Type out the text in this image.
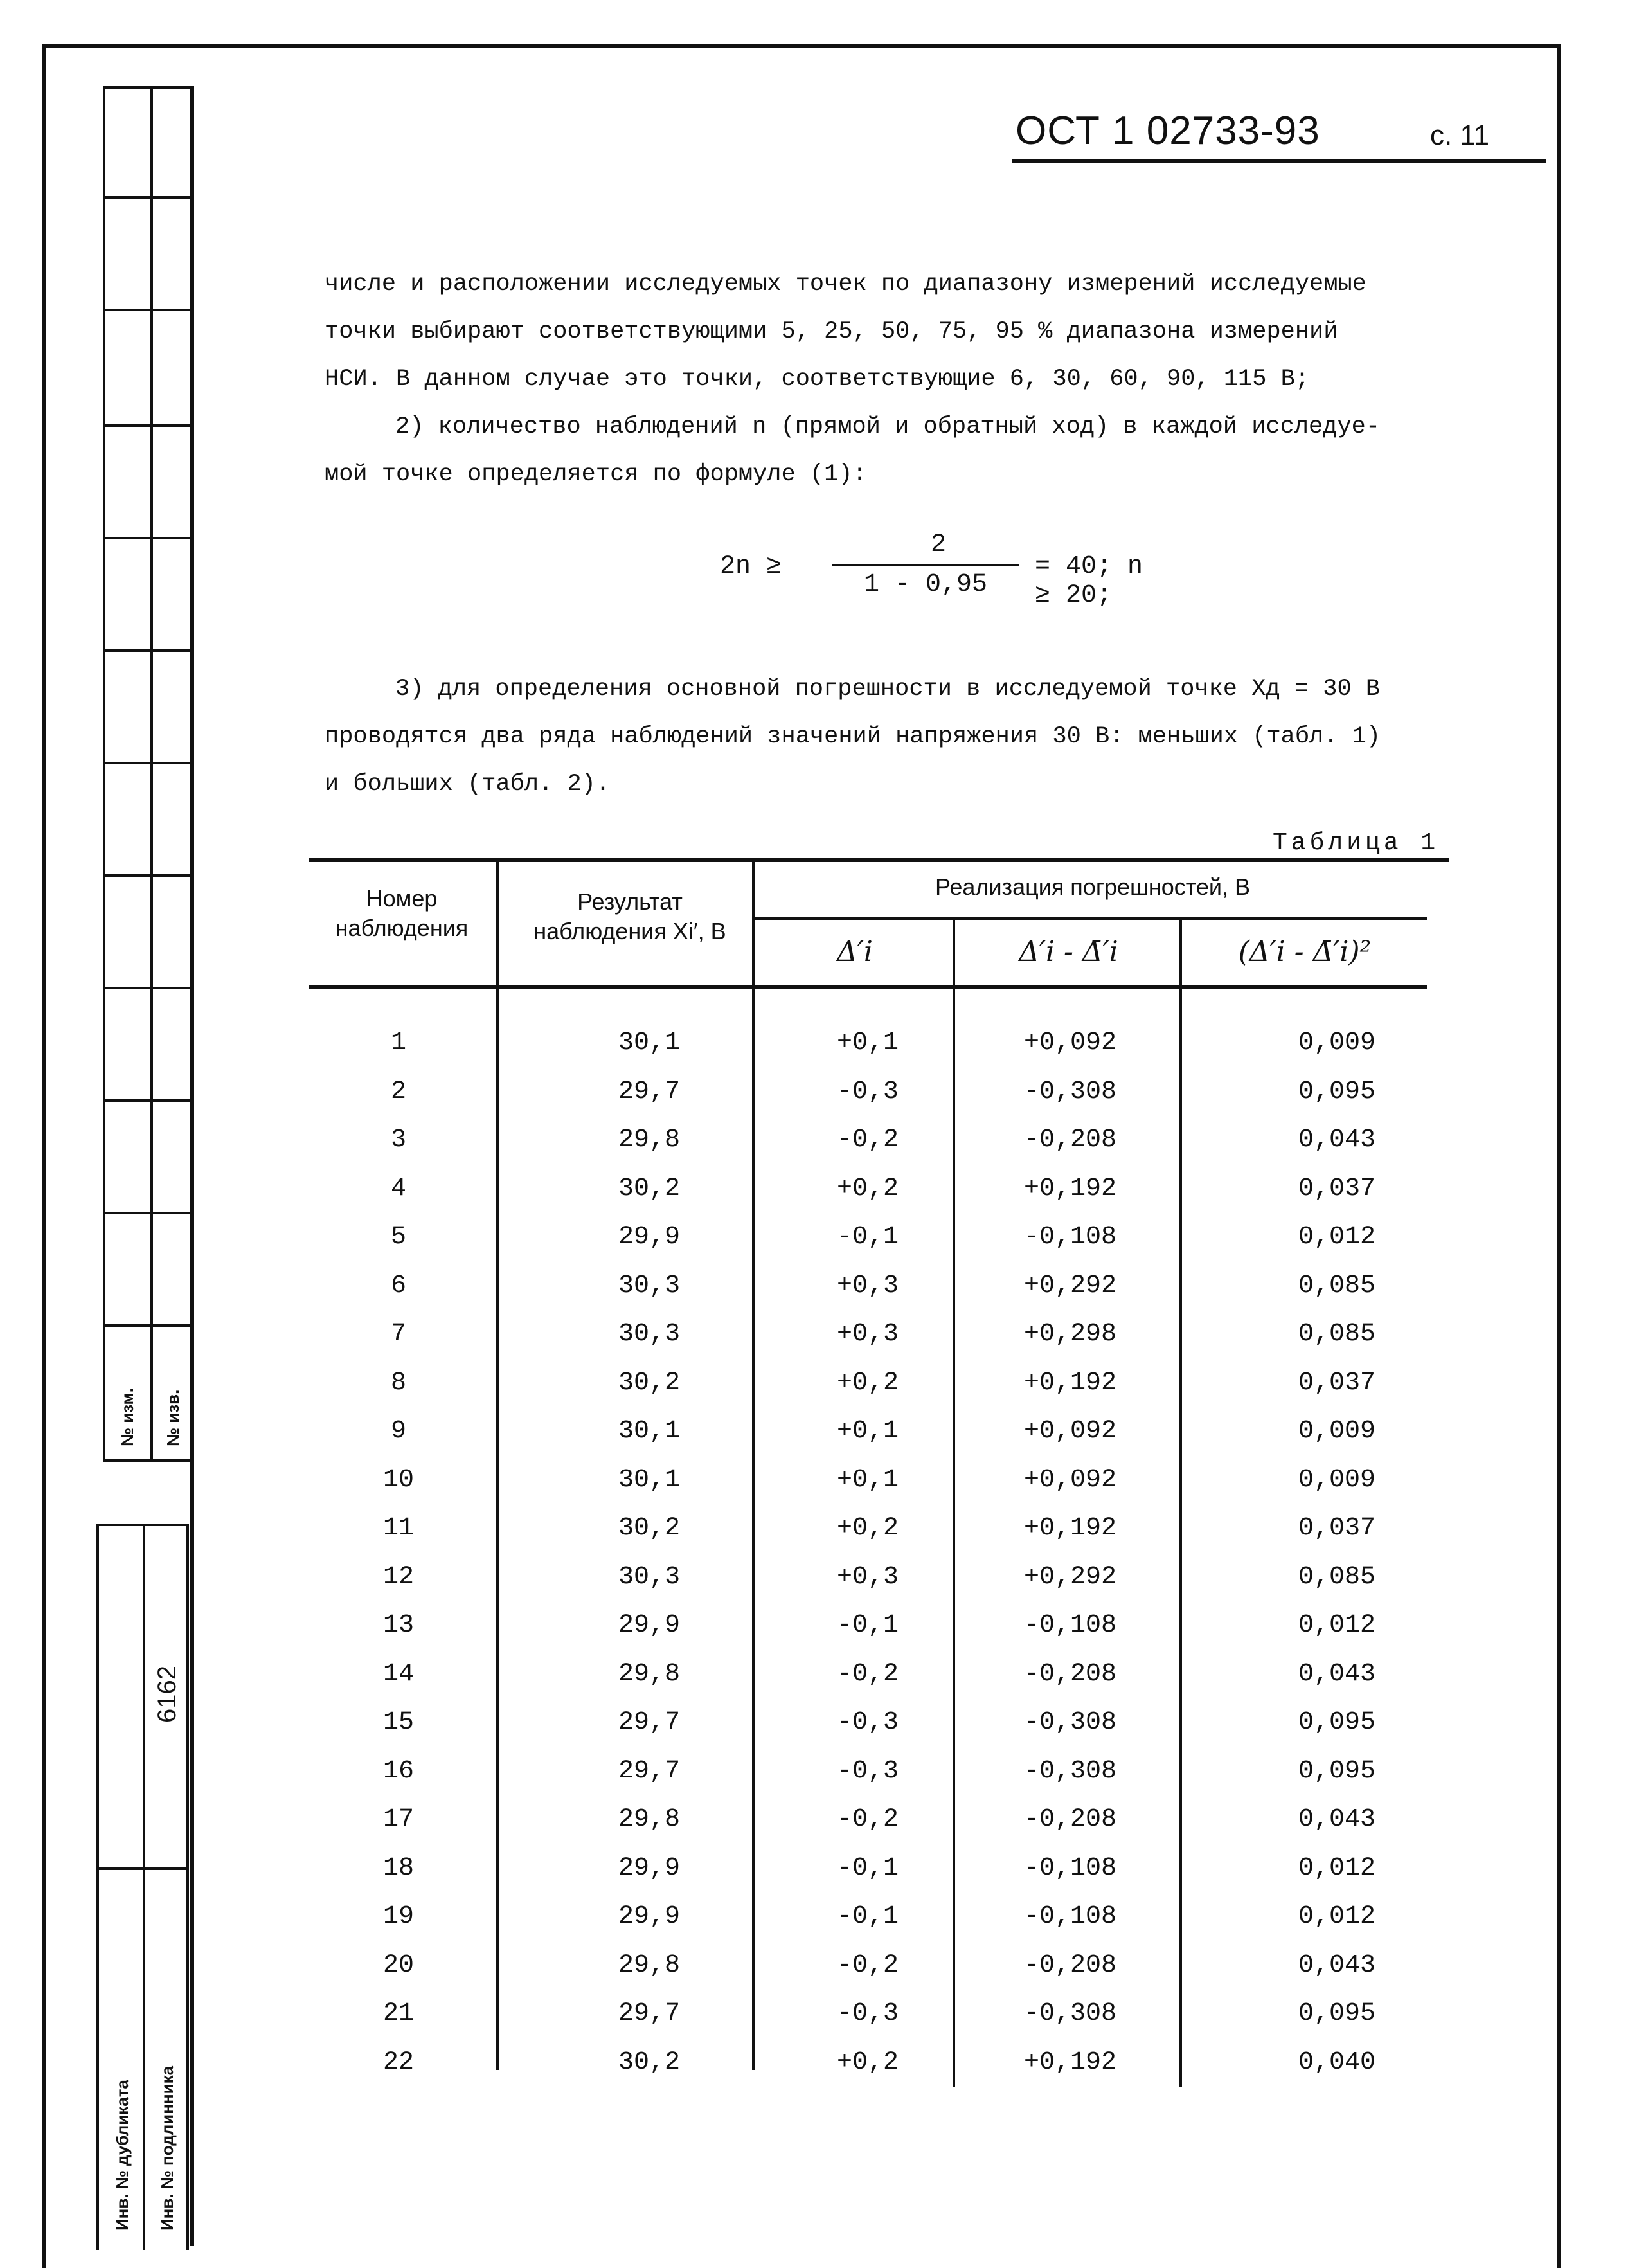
№ изм. № изв.
Инв. № дубликата Инв. № подлинника
6162
ОСТ 1 02733-93	с. 11
числе и расположении исследуемых точек по диапазону измерений исследуемые
точки выбирают соответствующими 5, 25, 50, 75, 95 % диапазона измерений
НСИ. В данном случае это точки, соответствующие 6, 30, 60, 90, 115 В;
2) количество наблюдений n (прямой и обратный ход) в каждой исследуе-
мой точке определяется по формуле (1):
2n ≥
2
1 - 0,95
= 40; n ≥ 20;
3) для определения основной погрешности в исследуемой точке Xд = 30 В
проводятся два ряда наблюдений значений напряжения 30 В: меньших (табл. 1)
и больших (табл. 2).
Таблица 1
Номер наблюдения
Результат наблюдения Xi′, В
Реализация погрешностей, В
Δ′i	Δ′i - Δ̄′i	(Δ′i - Δ̄′i)²
1	30,1	+0,1	+0,092	0,009
2	29,7	-0,3	-0,308	0,095
3	29,8	-0,2	-0,208	0,043
4	30,2	+0,2	+0,192	0,037
5	29,9	-0,1	-0,108	0,012
6	30,3	+0,3	+0,292	0,085
7	30,3	+0,3	+0,298	0,085
8	30,2	+0,2	+0,192	0,037
9	30,1	+0,1	+0,092	0,009
10	30,1	+0,1	+0,092	0,009
11	30,2	+0,2	+0,192	0,037
12	30,3	+0,3	+0,292	0,085
13	29,9	-0,1	-0,108	0,012
14	29,8	-0,2	-0,208	0,043
15	29,7	-0,3	-0,308	0,095
16	29,7	-0,3	-0,308	0,095
17	29,8	-0,2	-0,208	0,043
18	29,9	-0,1	-0,108	0,012
19	29,9	-0,1	-0,108	0,012
20	29,8	-0,2	-0,208	0,043
21	29,7	-0,3	-0,308	0,095
22	30,2	+0,2	+0,192	0,040
